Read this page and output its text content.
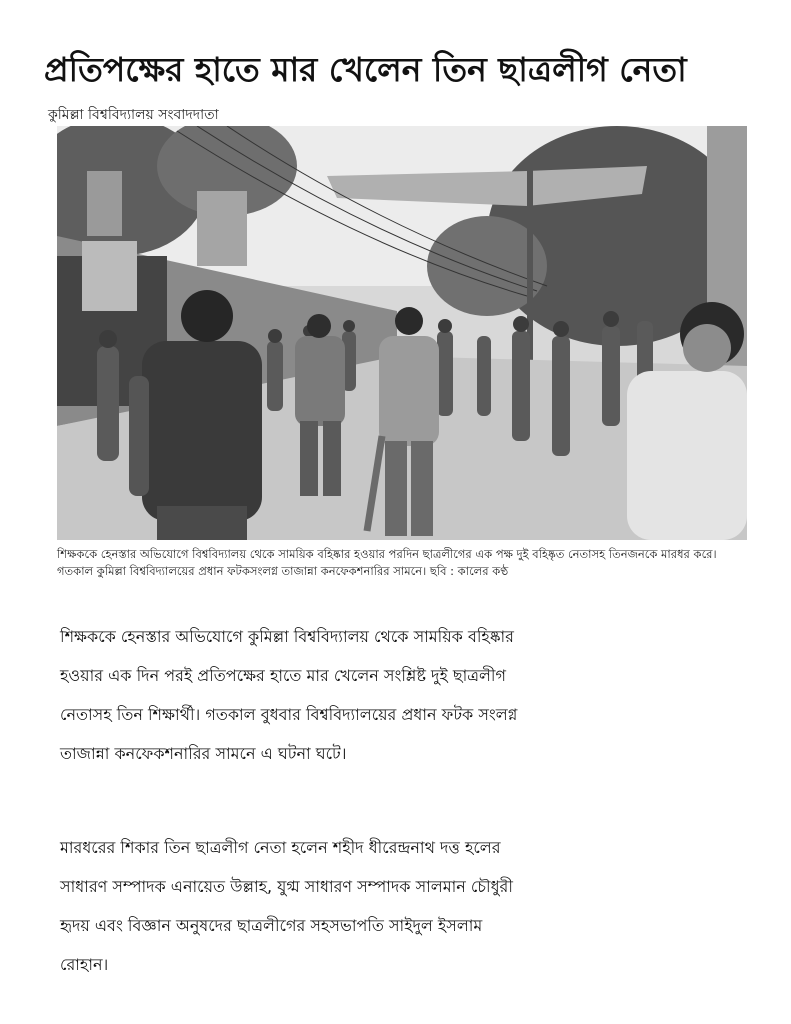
প্রতিপক্ষের হাতে মার খেলেন তিন ছাত্রলীগ নেতা

কুমিল্লা বিশ্ববিদ্যালয় সংবাদদাতা

শিক্ষককে হেনস্তার অভিযোগে বিশ্ববিদ্যালয় থেকে সাময়িক বহিষ্কার হওয়ার পরদিন ছাত্রলীগের এক পক্ষ দুই বহিষ্কৃত নেতাসহ তিনজনকে মারধর করে। গতকাল কুমিল্লা বিশ্ববিদ্যালয়ের প্রধান ফটকসংলগ্ন তাজান্না কনফেকশনারির সামনে। ছবি : কালের কণ্ঠ

শিক্ষককে হেনস্তার অভিযোগে কুমিল্লা বিশ্ববিদ্যালয় থেকে সাময়িক বহিষ্কার হওয়ার এক দিন পরই প্রতিপক্ষের হাতে মার খেলেন সংশ্লিষ্ট দুই ছাত্রলীগ নেতাসহ তিন শিক্ষার্থী। গতকাল বুধবার বিশ্ববিদ্যালয়ের প্রধান ফটক সংলগ্ন তাজান্না কনফেকশনারির সামনে এ ঘটনা ঘটে।

মারধরের শিকার তিন ছাত্রলীগ নেতা হলেন শহীদ ধীরেন্দ্রনাথ দত্ত হলের সাধারণ সম্পাদক এনায়েত উল্লাহ, যুগ্ম সাধারণ সম্পাদক সালমান চৌধুরী হৃদয় এবং বিজ্ঞান অনুষদের ছাত্রলীগের সহসভাপতি সাইদুল ইসলাম রোহান।
